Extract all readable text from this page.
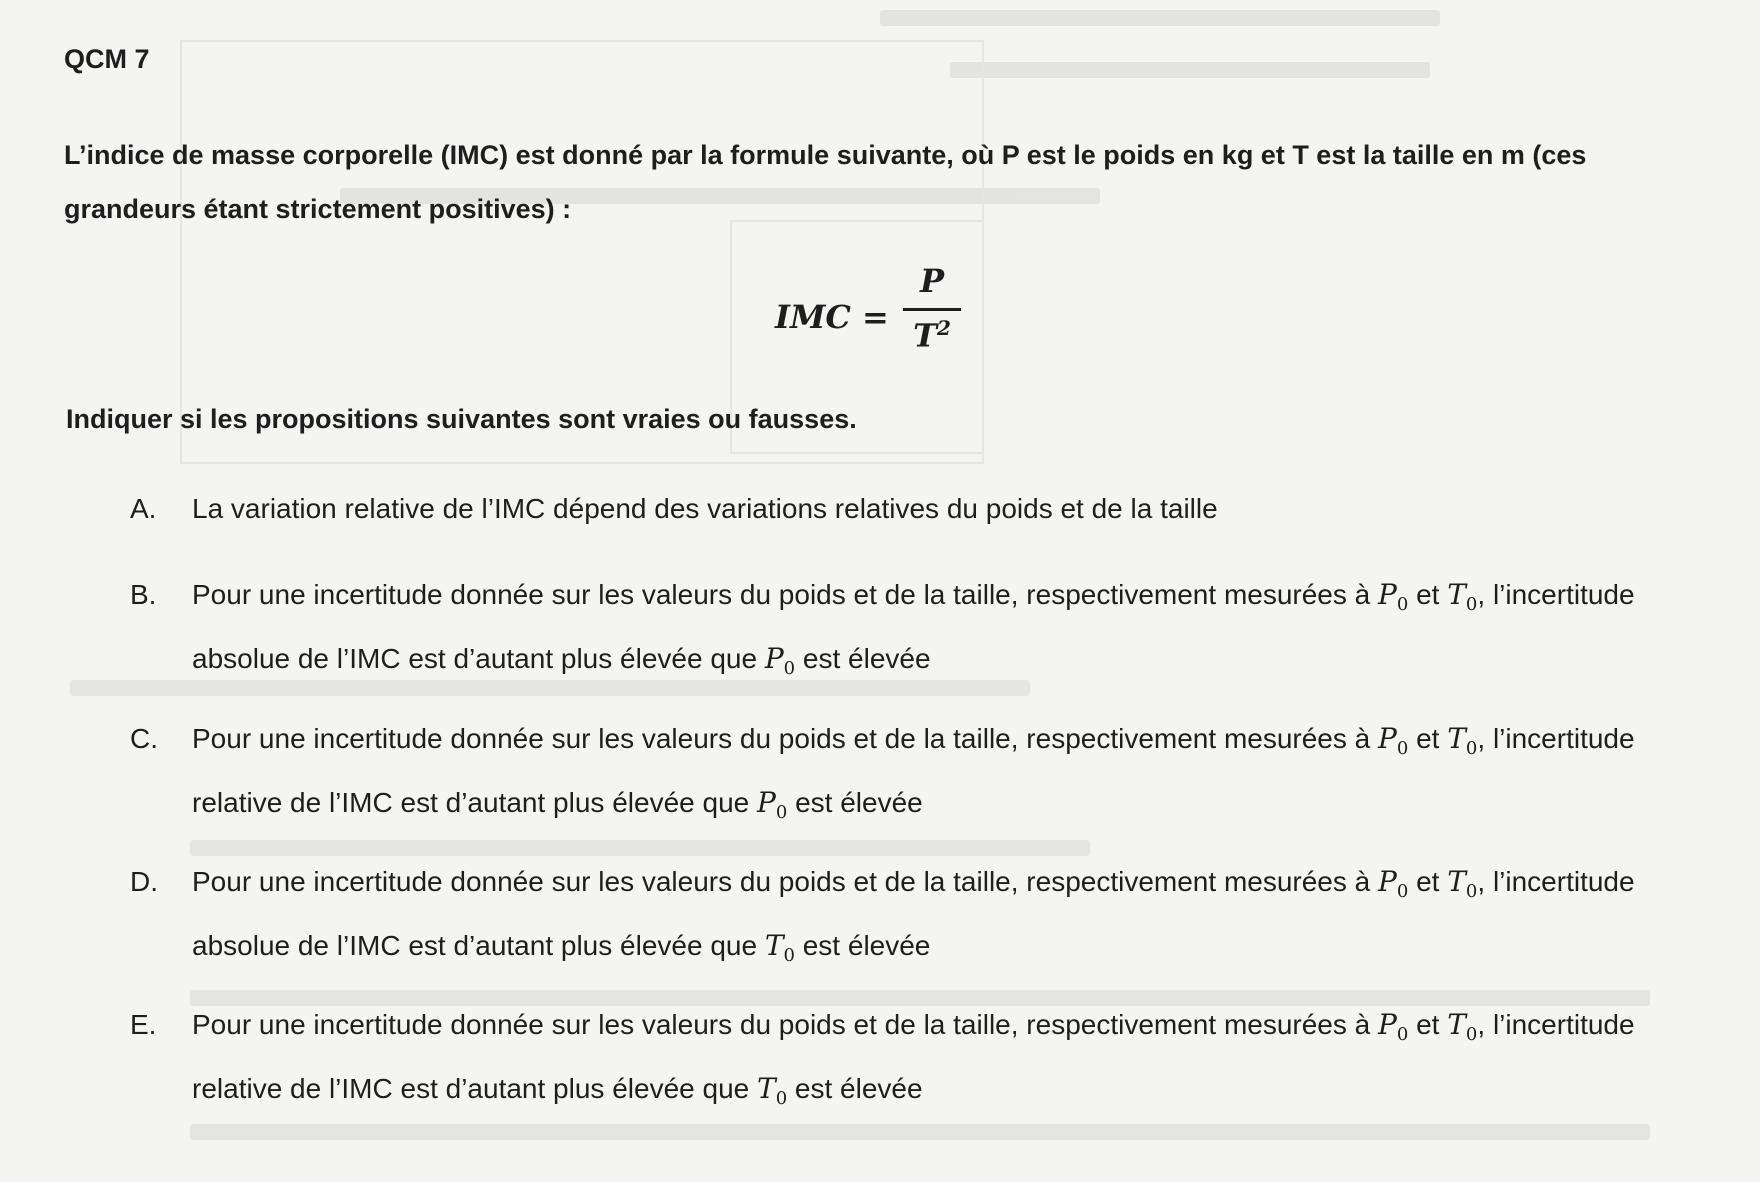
QCM 7

L’indice de masse corporelle (IMC) est donné par la formule suivante, où P est le poids en kg et T est la taille en m (ces grandeurs étant strictement positives) :

IMC =
P
$T^2$
Indiquer si les propositions suivantes sont vraies ou fausses.
A. La variation relative de l’IMC dépend des variations relatives du poids et de la taille
B. Pour une incertitude donnée sur les valeurs du poids et de la taille, respectivement mesurées à $P_0$ et $T_0$, l’incertitude absolue de l’IMC est d’autant plus élevée que $P_0$ est élevée
C. Pour une incertitude donnée sur les valeurs du poids et de la taille, respectivement mesurées à $P_0$ et $T_0$, l’incertitude relative de l’IMC est d’autant plus élevée que $P_0$ est élevée
D. Pour une incertitude donnée sur les valeurs du poids et de la taille, respectivement mesurées à $P_0$ et $T_0$, l’incertitude absolue de l’IMC est d’autant plus élevée que $T_0$ est élevée
E. Pour une incertitude donnée sur les valeurs du poids et de la taille, respectivement mesurées à $P_0$ et $T_0$, l’incertitude relative de l’IMC est d’autant plus élevée que $T_0$ est élevée
